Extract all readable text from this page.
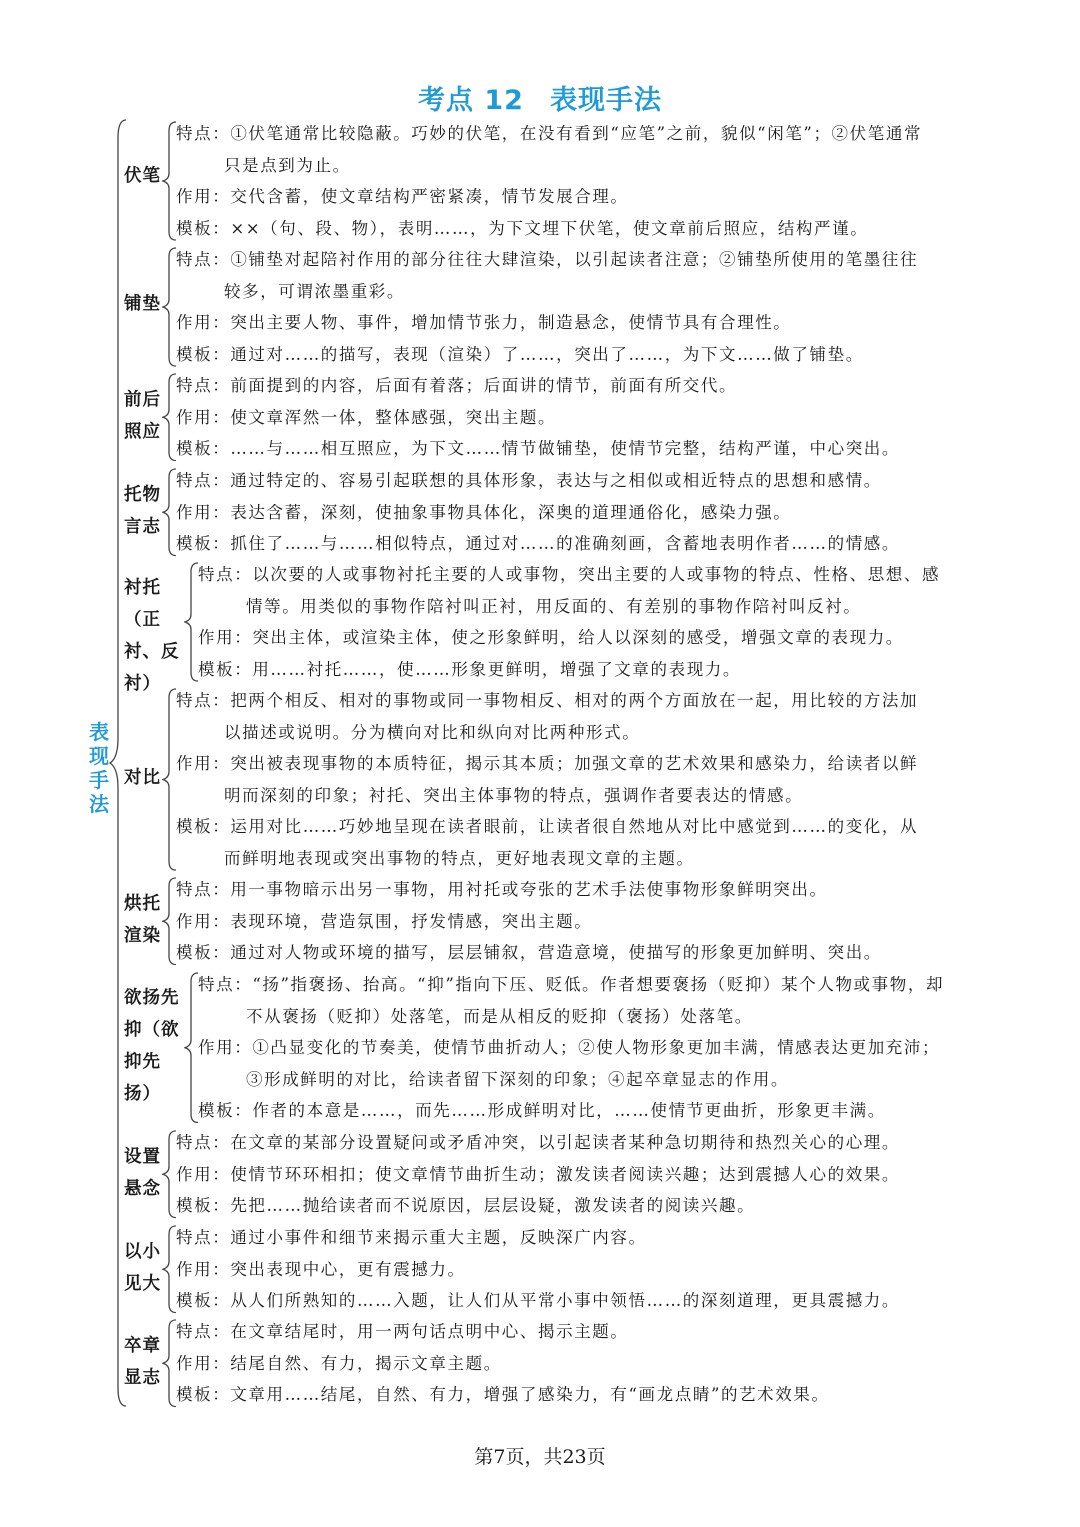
考点 12 表现手法
表现手法
伏笔
特点：①伏笔通常比较隐蔽。巧妙的伏笔，在没有看到“应笔”之前，貌似“闲笔”；②伏笔通常
只是点到为止。
作用：交代含蓄，使文章结构严密紧凑，情节发展合理。
模板：××（句、段、物），表明……，为下文埋下伏笔，使文章前后照应，结构严谨。
铺垫
特点：①铺垫对起陪衬作用的部分往往大肆渲染，以引起读者注意；②铺垫所使用的笔墨往往
较多，可谓浓墨重彩。
作用：突出主要人物、事件，增加情节张力，制造悬念，使情节具有合理性。
模板：通过对……的描写，表现（渲染）了……，突出了……，为下文……做了铺垫。
前后照应
特点：前面提到的内容，后面有着落；后面讲的情节，前面有所交代。
作用：使文章浑然一体，整体感强，突出主题。
模板：……与……相互照应，为下文……情节做铺垫，使情节完整，结构严谨，中心突出。
托物言志
特点：通过特定的、容易引起联想的具体形象，表达与之相似或相近特点的思想和感情。
作用：表达含蓄，深刻，使抽象事物具体化，深奥的道理通俗化，感染力强。
模板：抓住了……与……相似特点，通过对……的准确刻画，含蓄地表明作者……的情感。
衬托（正衬、反衬）
特点：以次要的人或事物衬托主要的人或事物，突出主要的人或事物的特点、性格、思想、感
情等。用类似的事物作陪衬叫正衬，用反面的、有差别的事物作陪衬叫反衬。
作用：突出主体，或渲染主体，使之形象鲜明，给人以深刻的感受，增强文章的表现力。
模板：用……衬托……，使……形象更鲜明，增强了文章的表现力。
对比
特点：把两个相反、相对的事物或同一事物相反、相对的两个方面放在一起，用比较的方法加
以描述或说明。分为横向对比和纵向对比两种形式。
作用：突出被表现事物的本质特征，揭示其本质；加强文章的艺术效果和感染力，给读者以鲜
明而深刻的印象；衬托、突出主体事物的特点，强调作者要表达的情感。
模板：运用对比……巧妙地呈现在读者眼前，让读者很自然地从对比中感觉到……的变化，从
而鲜明地表现或突出事物的特点，更好地表现文章的主题。
烘托渲染
特点：用一事物暗示出另一事物，用衬托或夸张的艺术手法使事物形象鲜明突出。
作用：表现环境，营造氛围，抒发情感，突出主题。
模板：通过对人物或环境的描写，层层铺叙，营造意境，使描写的形象更加鲜明、突出。
欲扬先抑（欲抑先扬）
特点：“扬”指褒扬、抬高。“抑”指向下压、贬低。作者想要褒扬（贬抑）某个人物或事物，却
不从褒扬（贬抑）处落笔，而是从相反的贬抑（褒扬）处落笔。
作用：①凸显变化的节奏美，使情节曲折动人；②使人物形象更加丰满，情感表达更加充沛；
③形成鲜明的对比，给读者留下深刻的印象；④起卒章显志的作用。
模板：作者的本意是……，而先……形成鲜明对比，……使情节更曲折，形象更丰满。
设置悬念
特点：在文章的某部分设置疑问或矛盾冲突，以引起读者某种急切期待和热烈关心的心理。
作用：使情节环环相扣；使文章情节曲折生动；激发读者阅读兴趣；达到震撼人心的效果。
模板：先把……抛给读者而不说原因，层层设疑，激发读者的阅读兴趣。
以小见大
特点：通过小事件和细节来揭示重大主题，反映深广内容。
作用：突出表现中心，更有震撼力。
模板：从人们所熟知的……入题，让人们从平常小事中领悟……的深刻道理，更具震撼力。
卒章显志
特点：在文章结尾时，用一两句话点明中心、揭示主题。
作用：结尾自然、有力，揭示文章主题。
模板：文章用……结尾，自然、有力，增强了感染力，有“画龙点睛”的艺术效果。
第7页，共23页
